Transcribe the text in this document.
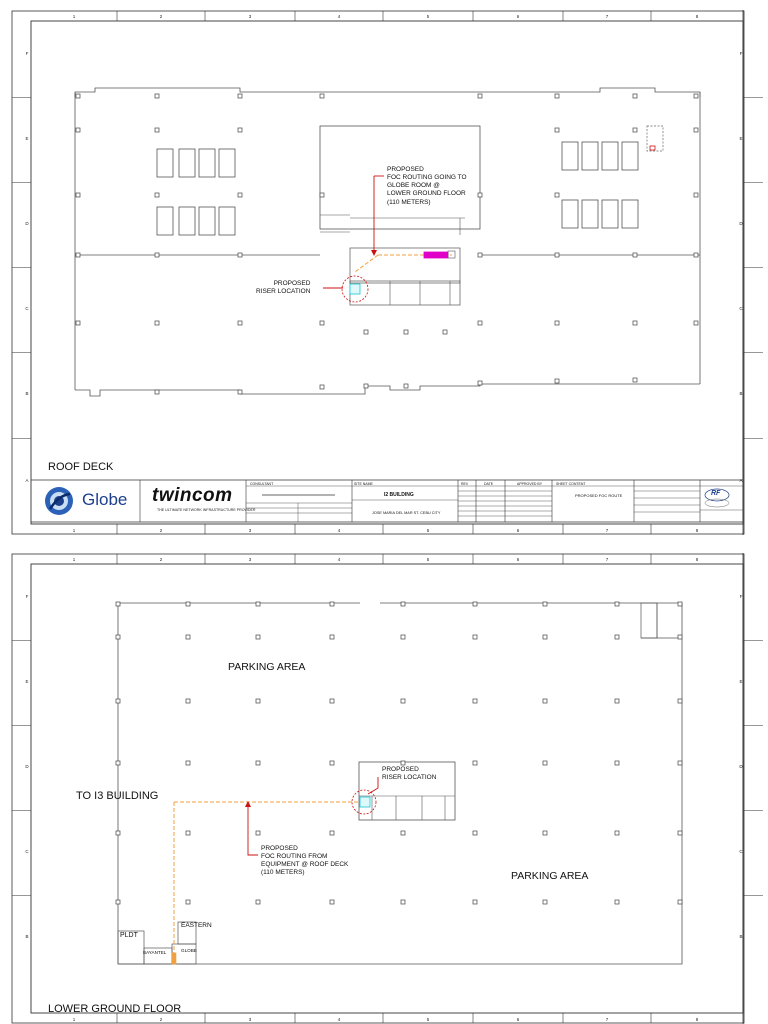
1
1
2
2
3
3
4
4
5
5
6
6
7
7
8
8
F	F
E	E
D	D
C	C
B	B
A	A
PROPOSED
FOC ROUTING GOING TO
GLOBE ROOM @
LOWER GROUND FLOOR
(110 METERS)
PROPOSED
RISER LOCATION
ROOF DECK
Globe twincom
THE ULTIMATE NETWORK INFRASTRUCTURE PROVIDER
CONSULTANT	SITE NAME	REV	DATE	APPROVED BY	SHEET CONTENT
I2 BUILDING
JOSE MARIA DEL MAR ST. CEBU CITY
PROPOSED FOC ROUTE	RF
1
1
2
2
3
3
4
4
5
5
6
6
7
7
8
8
F	F
E	E
D	D
C	C
B	B
PARKING AREA
PARKING AREA
TO I3 BUILDING
PROPOSED
RISER LOCATION
PROPOSED
FOC ROUTING FROM
EQUIPMENT @ ROOF DECK
(110 METERS)
PLDT
EASTERN
BAYANTEL	GLOBE
LOWER GROUND FLOOR
